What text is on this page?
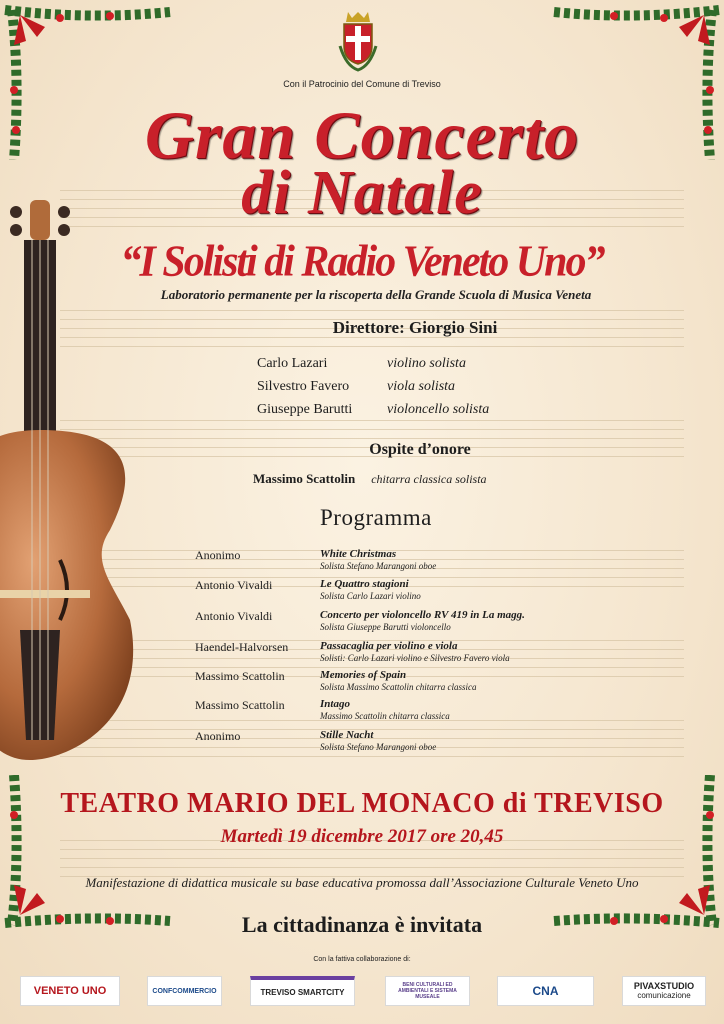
Con il Patrocinio del Comune di Treviso
Gran Concerto
di Natale
“I Solisti di Radio Veneto Uno”
Laboratorio permanente per la riscoperta della Grande Scuola di Musica Veneta
Direttore: Giorgio Sini
Carlo Lazari	violino solista
Silvestro Favero	viola solista
Giuseppe Barutti violoncello solista
Ospite d’onore
Massimo Scattolin chitarra classica solista
Programma
Anonimo	White Christmas
Solista Stefano Marangoni oboe
Antonio Vivaldi	Le Quattro stagioni
Solista Carlo Lazari violino
Antonio Vivaldi	Concerto per violoncello RV 419 in La magg.
Solista Giuseppe Barutti violoncello
Haendel-Halvorsen	Passacaglia per violino e viola
Solisti: Carlo Lazari violino e Silvestro Favero viola
Massimo Scattolin	Memories of Spain
Solista Massimo Scattolin chitarra classica
Massimo Scattolin	Intago
Massimo Scattolin chitarra classica
Anonimo	Stille Nacht
Solista Stefano Marangoni oboe
TEATRO MARIO DEL MONACO di TREVISO
Martedì 19 dicembre 2017 ore 20,45
Manifestazione di didattica musicale su base educativa promossa dall’Associazione Culturale Veneto Uno
La cittadinanza è invitata
Con la fattiva collaborazione di:
VENETO UNO	CONFCOMMERCIO	TREVISO SMARTCITY
BENI CULTURALI ED AMBIENTALI E SISTEMA MUSEALE	CNA	PIVAXSTUDIO
comunicazione
